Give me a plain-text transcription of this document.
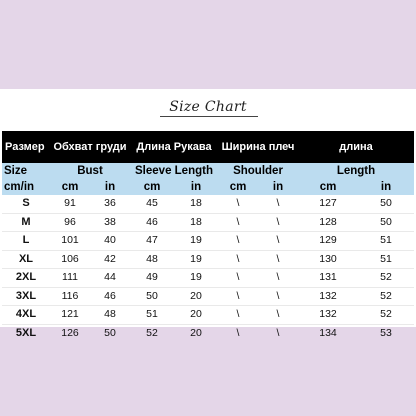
Size Chart
Размер	Обхват груди		Длина Рукава		Ширина плеч		длина	
Size	Bust		Sleeve Length		Shoulder		Length	
cm/in	cm	in	cm	in	cm	in	cm	in
S	91	36	45	18	\	\	127	50
M	96	38	46	18	\	\	128	50
L	101	40	47	19	\	\	129	51
XL	106	42	48	19	\	\	130	51
2XL	111	44	49	19	\	\	131	52
3XL	116	46	50	20	\	\	132	52
4XL	121	48	51	20	\	\	132	52
5XL	126	50	52	20	\	\	134	53
